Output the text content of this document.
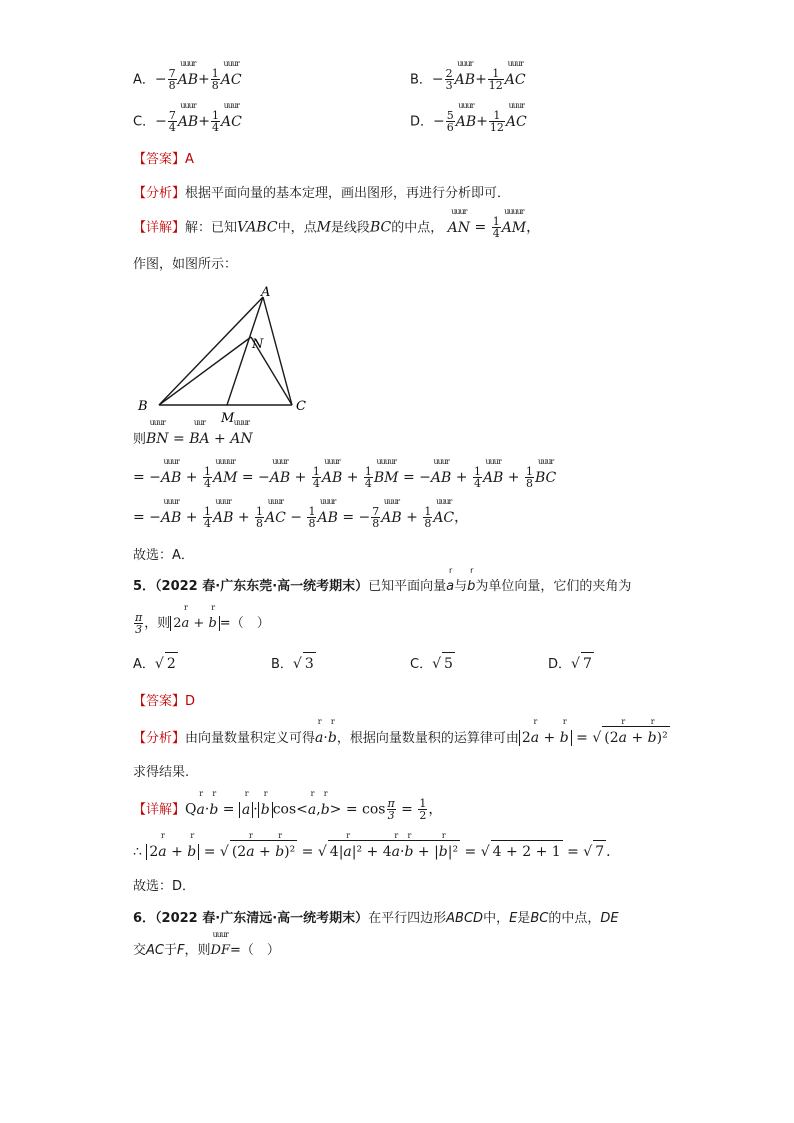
A．− $\frac{7}{8}$
uuur
$AB+ \frac{1}{8}$
uuur
AC	B．− $\frac{2}{3}$
uuur
$AB+ \frac{1}{12}$
uuur
AC
C．− $\frac{7}{4}$
uuur
$AB+ \frac{1}{4}$
uuur
AC	D．− $\frac{5}{6}$
uuur
$AB+ \frac{1}{12}$
uuur
AC
【答案】A
【分析】根据平面向量的基本定理，画出图形，再进行分析即可．
【详解】解：已知VABC中，点M是线段BC的中点，
uuur
AN = $\frac{1}{4}$
uuuur
AM，
作图，如图所示：
A
B	C
M
N
则
uuur
BN =
uur
BA +
uuur
AN
= −
uuur
AB + $\frac{1}{4}$
uuuur
AM = −
uuur
AB + $\frac{1}{4}$
uuur
AB + $\frac{1}{4}$
uuuur
BM = −
uuur
AB + $\frac{1}{4}$
uuur
AB + $\frac{1}{8}$
uuur
BC
= −
uuur
AB + $\frac{1}{4}$
uuur
AB + $\frac{1}{8}$
uuur
AC − $\frac{1}{8}$
uuur
AB = − $\frac{7}{8}$
uuur
AB + $\frac{1}{8}$
uuur
AC，
故选：A．
5．（2022 春·广东东莞·高一统考期末）已知平面向量
r
a与
r
b为单位向量，它们的夹角为
$\frac{\pi}{3}$ ，则 2
r
a +
r
b =（　）
A．√ 2	B．√ 3	C．√ 5	D．√ 7
【答案】D
【分析】由向量数量积定义可得
r
a·
r
b，根据向量数量积的运算律可由 2
r
a +
r
b = √ (2
r
a +
r
b)²
求得结果.
【详解】Q
r
a·
r
b =
r
a ·
r
b cos<
r
a,
r
$b> = \cos \frac{\pi}{3} = \frac{1}{2}$ ，
∴ 2
r
a +
r
b = √ (2
r
a +
r
b)² = √ 4|
r
a|² + 4
r
a·
r
b + |
r
b|² = √ 4 + 2 + 1 = √ 7 ．
故选：D．
6．（2022 春·广东清远·高一统考期末）在平行四边形ABCD中，E是BC的中点，DE
交AC于F，则
uuur
DF=（　）
